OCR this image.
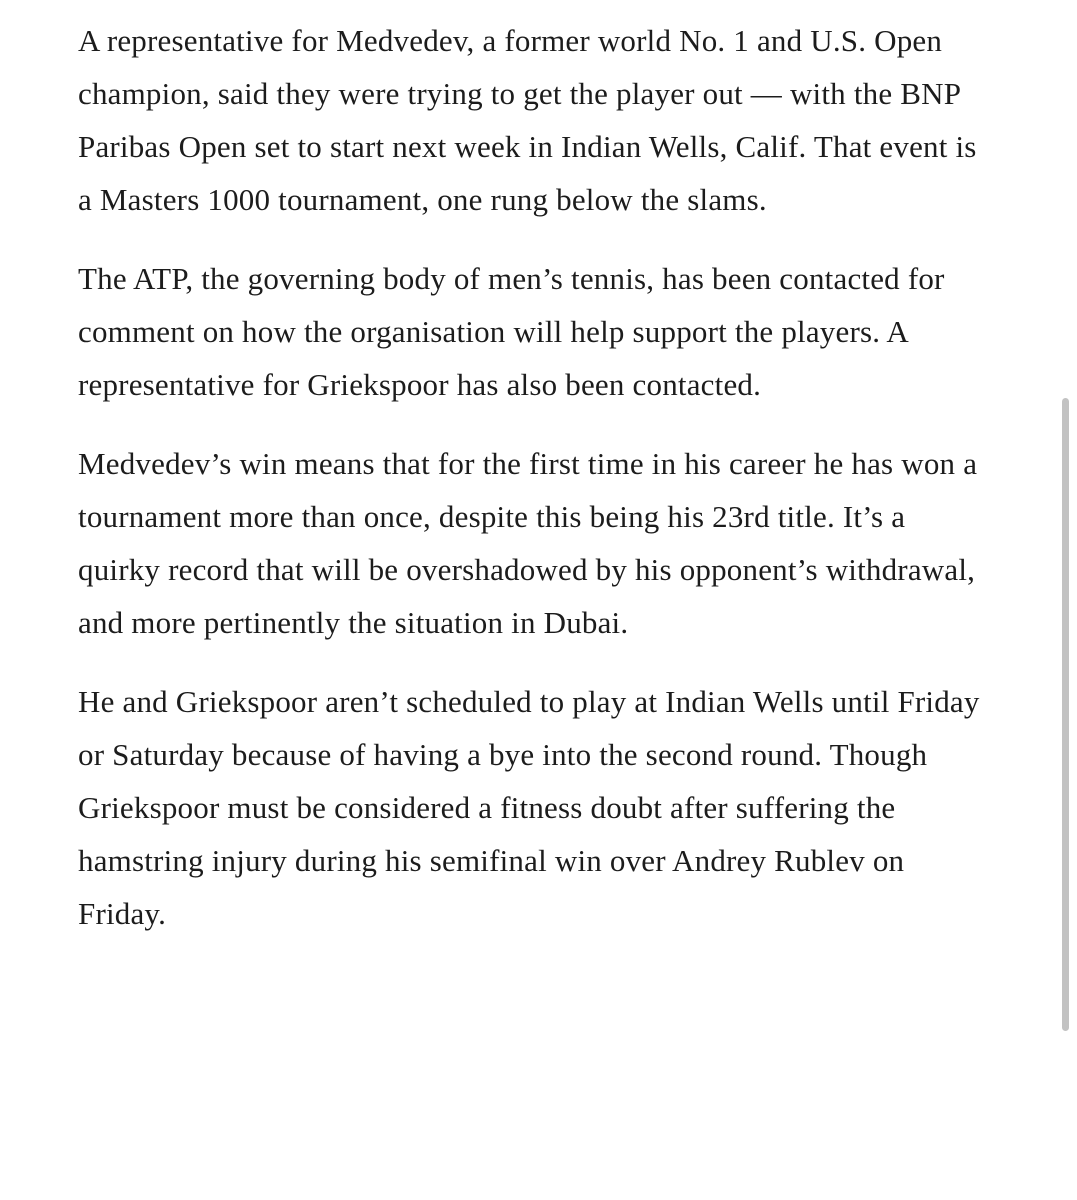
A representative for Medvedev, a former world No. 1 and U.S. Open champion, said they were trying to get the player out — with the BNP Paribas Open set to start next week in Indian Wells, Calif. That event is a Masters 1000 tournament, one rung below the slams.

The ATP, the governing body of men’s tennis, has been contacted for comment on how the organisation will help support the players. A representative for Griekspoor has also been contacted.

Medvedev’s win means that for the first time in his career he has won a tournament more than once, despite this being his 23rd title. It’s a quirky record that will be overshadowed by his opponent’s withdrawal, and more pertinently the situation in Dubai.

He and Griekspoor aren’t scheduled to play at Indian Wells until Friday or Saturday because of having a bye into the second round. Though Griekspoor must be considered a fitness doubt after suffering the hamstring injury during his semifinal win over Andrey Rublev on Friday.
